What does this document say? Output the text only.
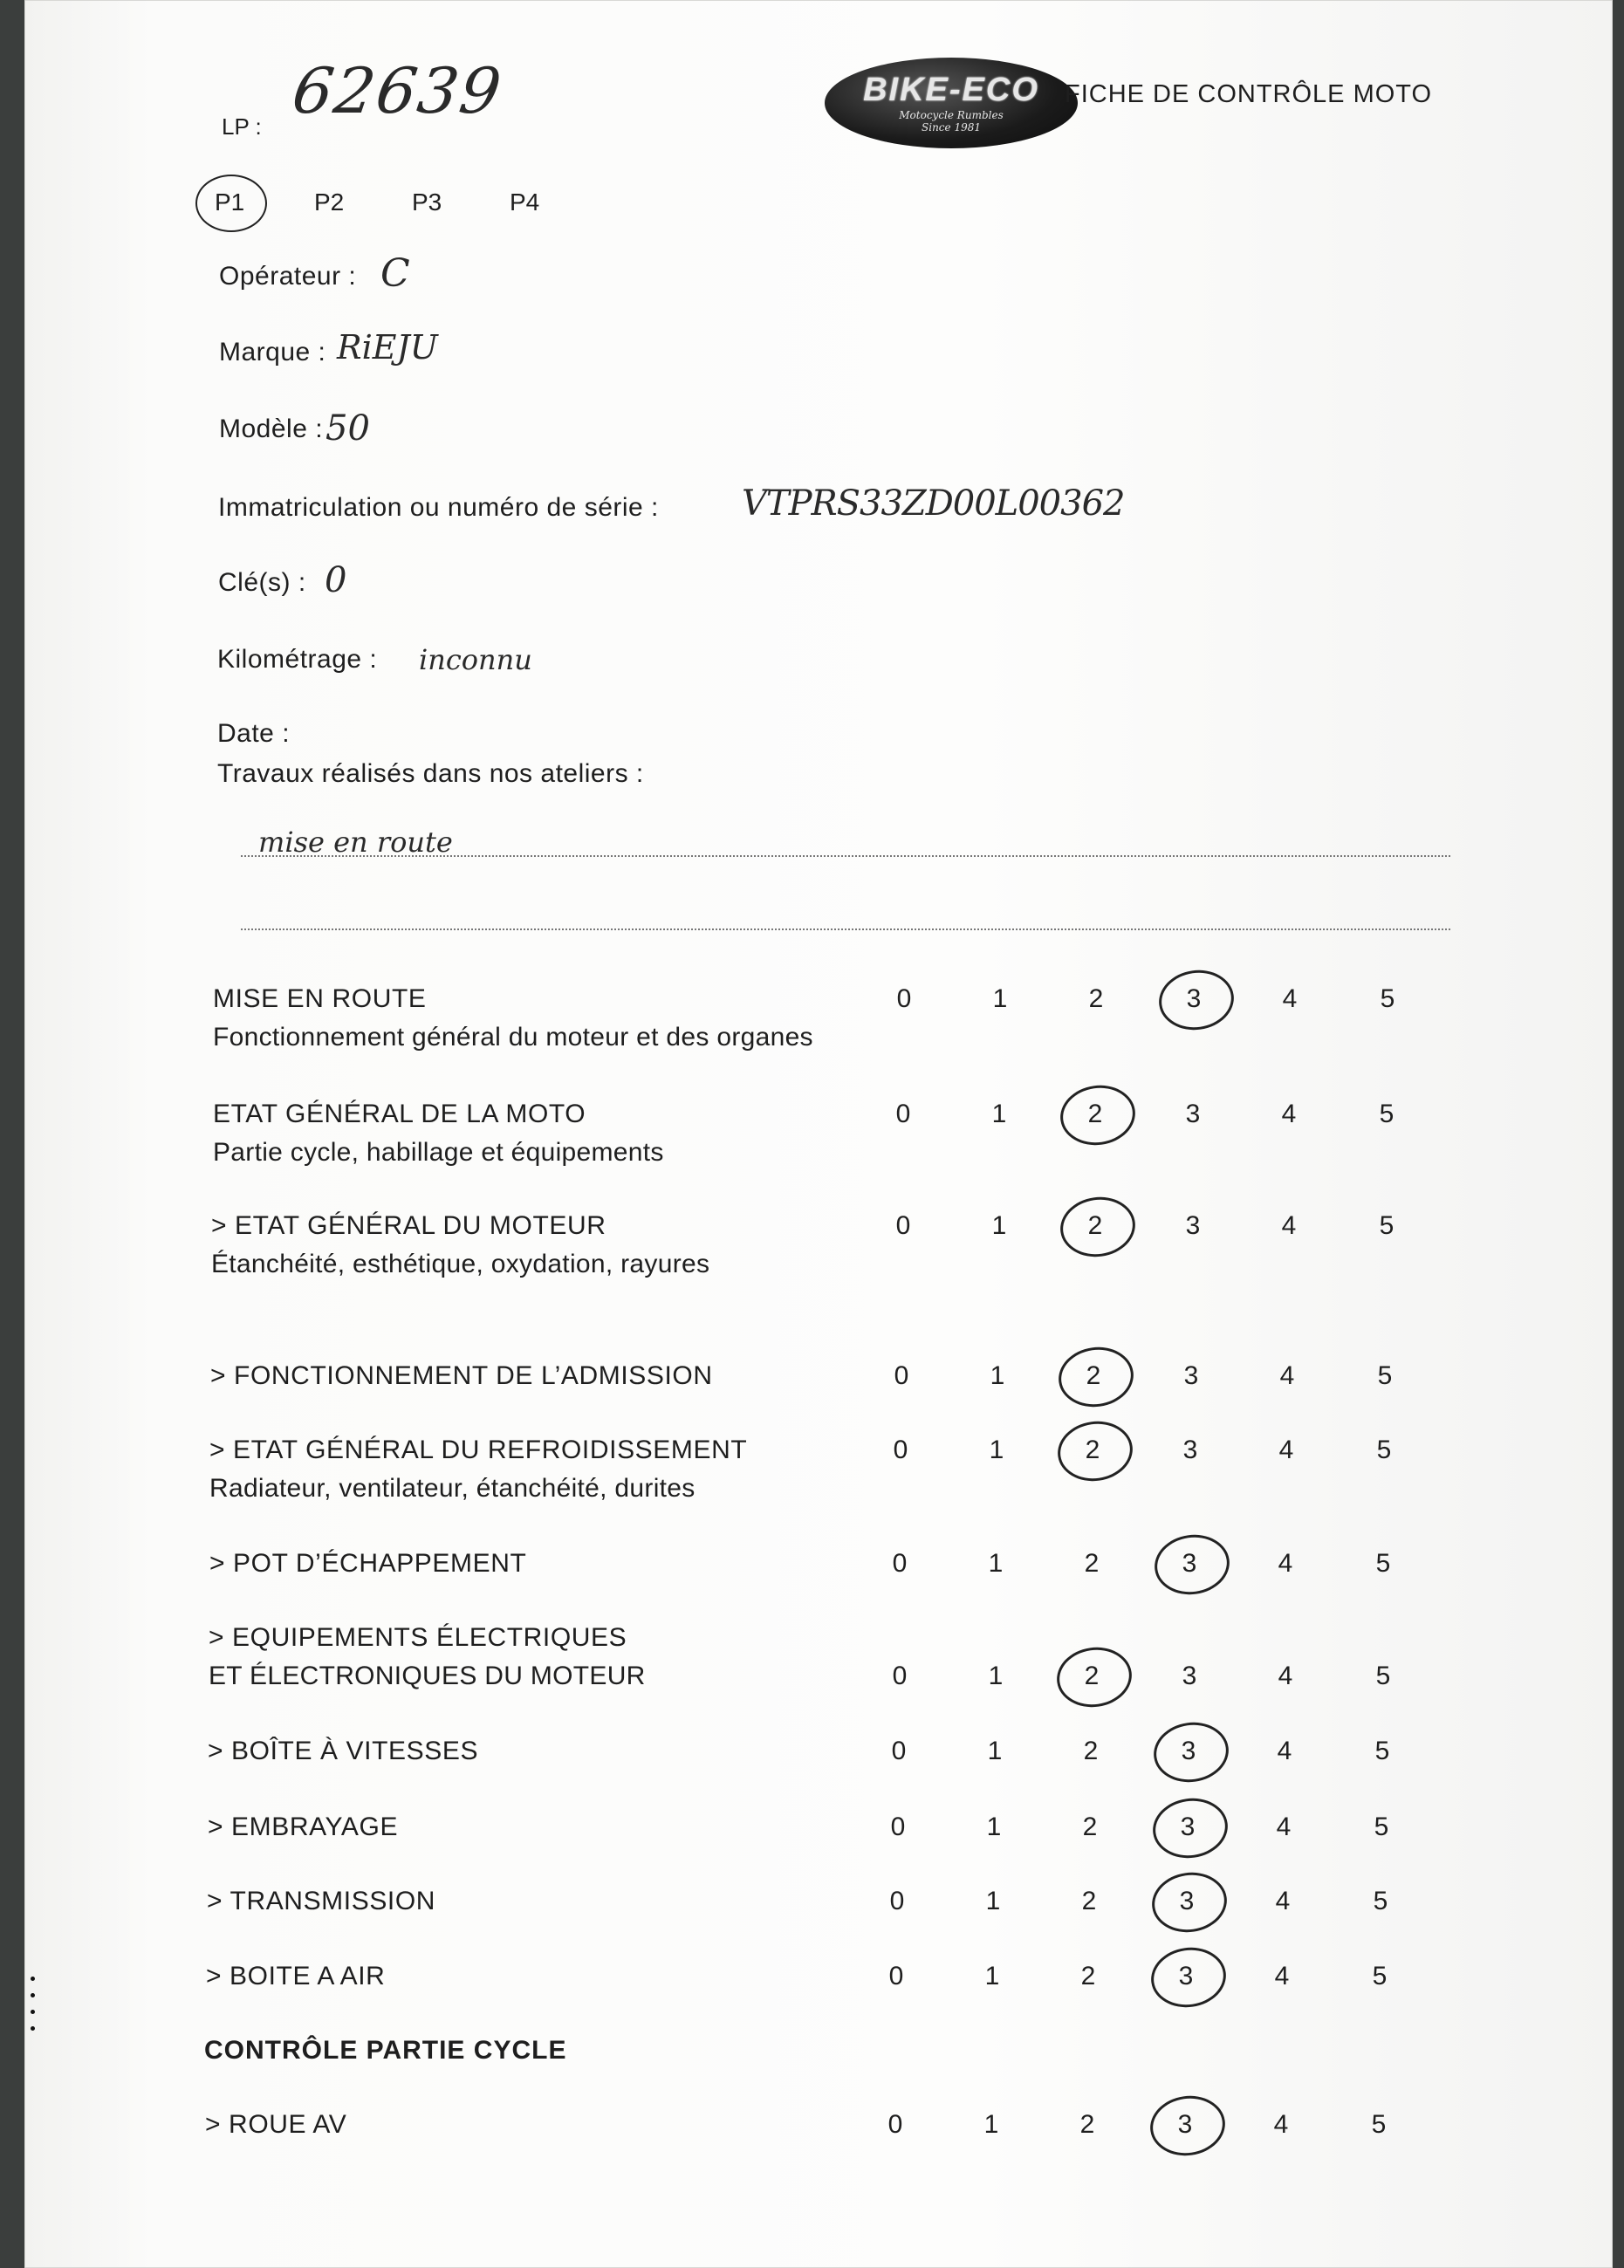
LP : 62639	BIKE-ECO
Motocycle Rumbles
Since 1981
FICHE DE CONTRÔLE MOTO
P1	P2	P3	P4
Opérateur : C
Marque : RiEJU
Modèle : 50
Immatriculation ou numéro de série : VTPRS33ZD00L00362
Clé(s) : 0
Kilométrage : inconnu
Date :
Travaux réalisés dans nos ateliers :
mise en route
MISE EN ROUTE
Fonctionnement général du moteur et des organes
0	1	2	3	4	5
ETAT GÉNÉRAL DE LA MOTO
Partie cycle, habillage et équipements
0	1	2	3	4	5
> ETAT GÉNÉRAL DU MOTEUR
Étanchéité, esthétique, oxydation, rayures
0	1	2	3	4	5
> FONCTIONNEMENT DE L’ADMISSION	0	1	2	3	4	5
> ETAT GÉNÉRAL DU REFROIDISSEMENT
Radiateur, ventilateur, étanchéité, durites
0	1	2	3	4	5
> POT D’ÉCHAPPEMENT	0	1	2	3	4	5
> EQUIPEMENTS ÉLECTRIQUES
ET ÉLECTRONIQUES DU MOTEUR	0	1	2	3	4	5
> BOÎTE À VITESSES	0	1	2	3	4	5
> EMBRAYAGE	0	1	2	3	4	5
> TRANSMISSION	0	1	2	3	4	5
> BOITE A AIR	0	1	2	3	4	5
> ROUE AV	0	1	2	3	4	5
CONTRÔLE PARTIE CYCLE
